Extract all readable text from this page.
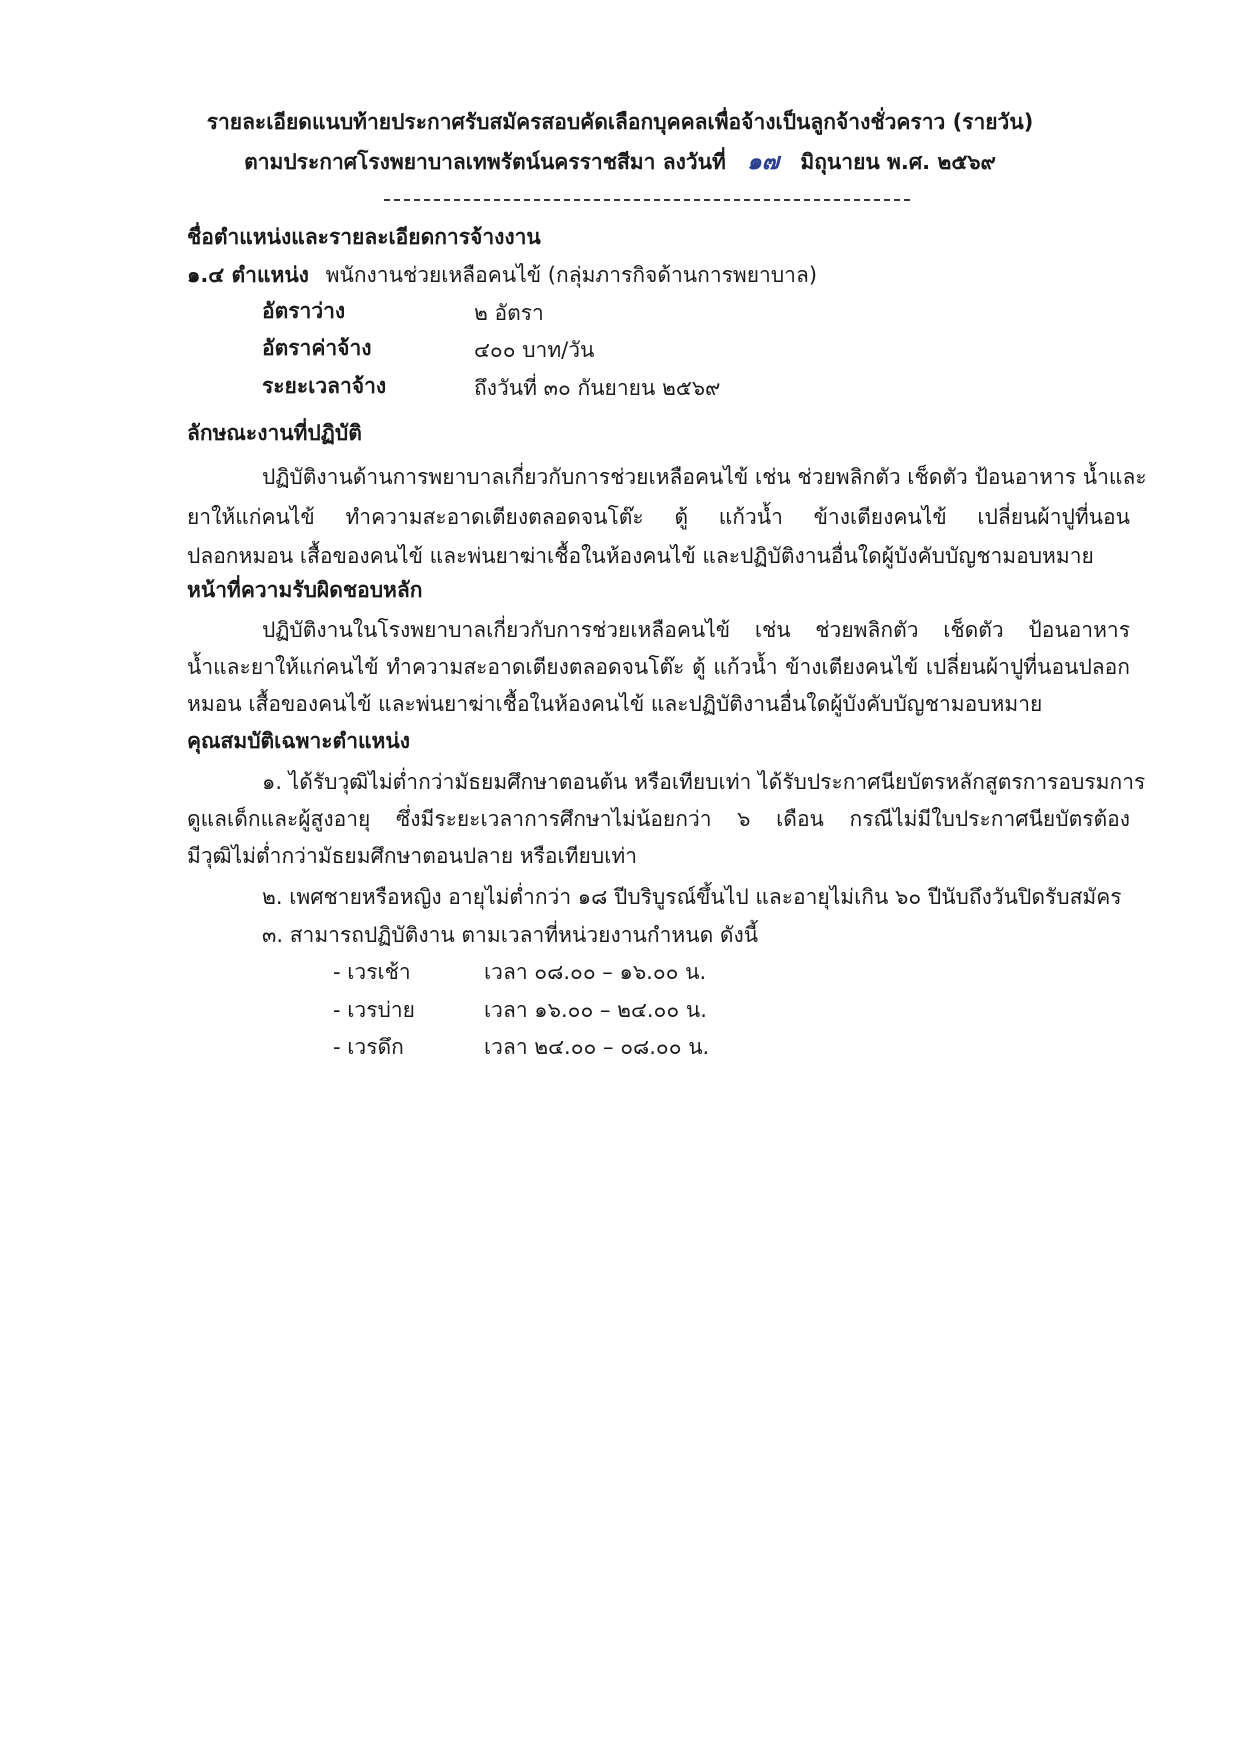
รายละเอียดแนบท้ายประกาศรับสมัครสอบคัดเลือกบุคคลเพื่อจ้างเป็นลูกจ้างชั่วคราว (รายวัน)
ตามประกาศโรงพยาบาลเทพรัตน์นครราชสีมา ลงวันที่ ๑๗ มิถุนายน พ.ศ. ๒๕๖๙
ชื่อตำแหน่งและรายละเอียดการจ้างงาน
๑.๔ ตำแหน่ง พนักงานช่วยเหลือคนไข้ (กลุ่มภารกิจด้านการพยาบาล)
อัตราว่าง	๒ อัตรา
อัตราค่าจ้าง	๔๐๐ บาท/วัน
ระยะเวลาจ้าง	ถึงวันที่ ๓๐ กันยายน ๒๕๖๙
ลักษณะงานที่ปฏิบัติ
ปฏิบัติงานด้านการพยาบาลเกี่ยวกับการช่วยเหลือคนไข้ เช่น ช่วยพลิกตัว เช็ดตัว ป้อนอาหาร น้ำและ
ยาให้แก่คนไข้ ทำความสะอาดเตียงตลอดจนโต๊ะ ตู้ แก้วน้ำ ข้างเตียงคนไข้ เปลี่ยนผ้าปูที่นอน
ปลอกหมอน เสื้อของคนไข้ และพ่นยาฆ่าเชื้อในห้องคนไข้ และปฏิบัติงานอื่นใดผู้บังคับบัญชามอบหมาย
หน้าที่ความรับผิดชอบหลัก
ปฏิบัติงานในโรงพยาบาลเกี่ยวกับการช่วยเหลือคนไข้ เช่น ช่วยพลิกตัว เช็ดตัว ป้อนอาหาร
น้ำและยาให้แก่คนไข้ ทำความสะอาดเตียงตลอดจนโต๊ะ ตู้ แก้วน้ำ ข้างเตียงคนไข้ เปลี่ยนผ้าปูที่นอนปลอก
หมอน เสื้อของคนไข้ และพ่นยาฆ่าเชื้อในห้องคนไข้ และปฏิบัติงานอื่นใดผู้บังคับบัญชามอบหมาย
คุณสมบัติเฉพาะตำแหน่ง
๑. ได้รับวุฒิไม่ต่ำกว่ามัธยมศึกษาตอนต้น หรือเทียบเท่า ได้รับประกาศนียบัตรหลักสูตรการอบรมการ
ดูแลเด็กและผู้สูงอายุ ซึ่งมีระยะเวลาการศึกษาไม่น้อยกว่า ๖ เดือน กรณีไม่มีใบประกาศนียบัตรต้อง
มีวุฒิไม่ต่ำกว่ามัธยมศึกษาตอนปลาย หรือเทียบเท่า
๒. เพศชายหรือหญิง อายุไม่ต่ำกว่า ๑๘ ปีบริบูรณ์ขึ้นไป และอายุไม่เกิน ๖๐ ปีนับถึงวันปิดรับสมัคร
๓. สามารถปฏิบัติงาน ตามเวลาที่หน่วยงานกำหนด ดังนี้
- เวรเช้า	เวลา ๐๘.๐๐ – ๑๖.๐๐ น.
- เวรบ่าย	เวลา ๑๖.๐๐ – ๒๔.๐๐ น.
- เวรดึก	เวลา ๒๔.๐๐ – ๐๘.๐๐ น.
